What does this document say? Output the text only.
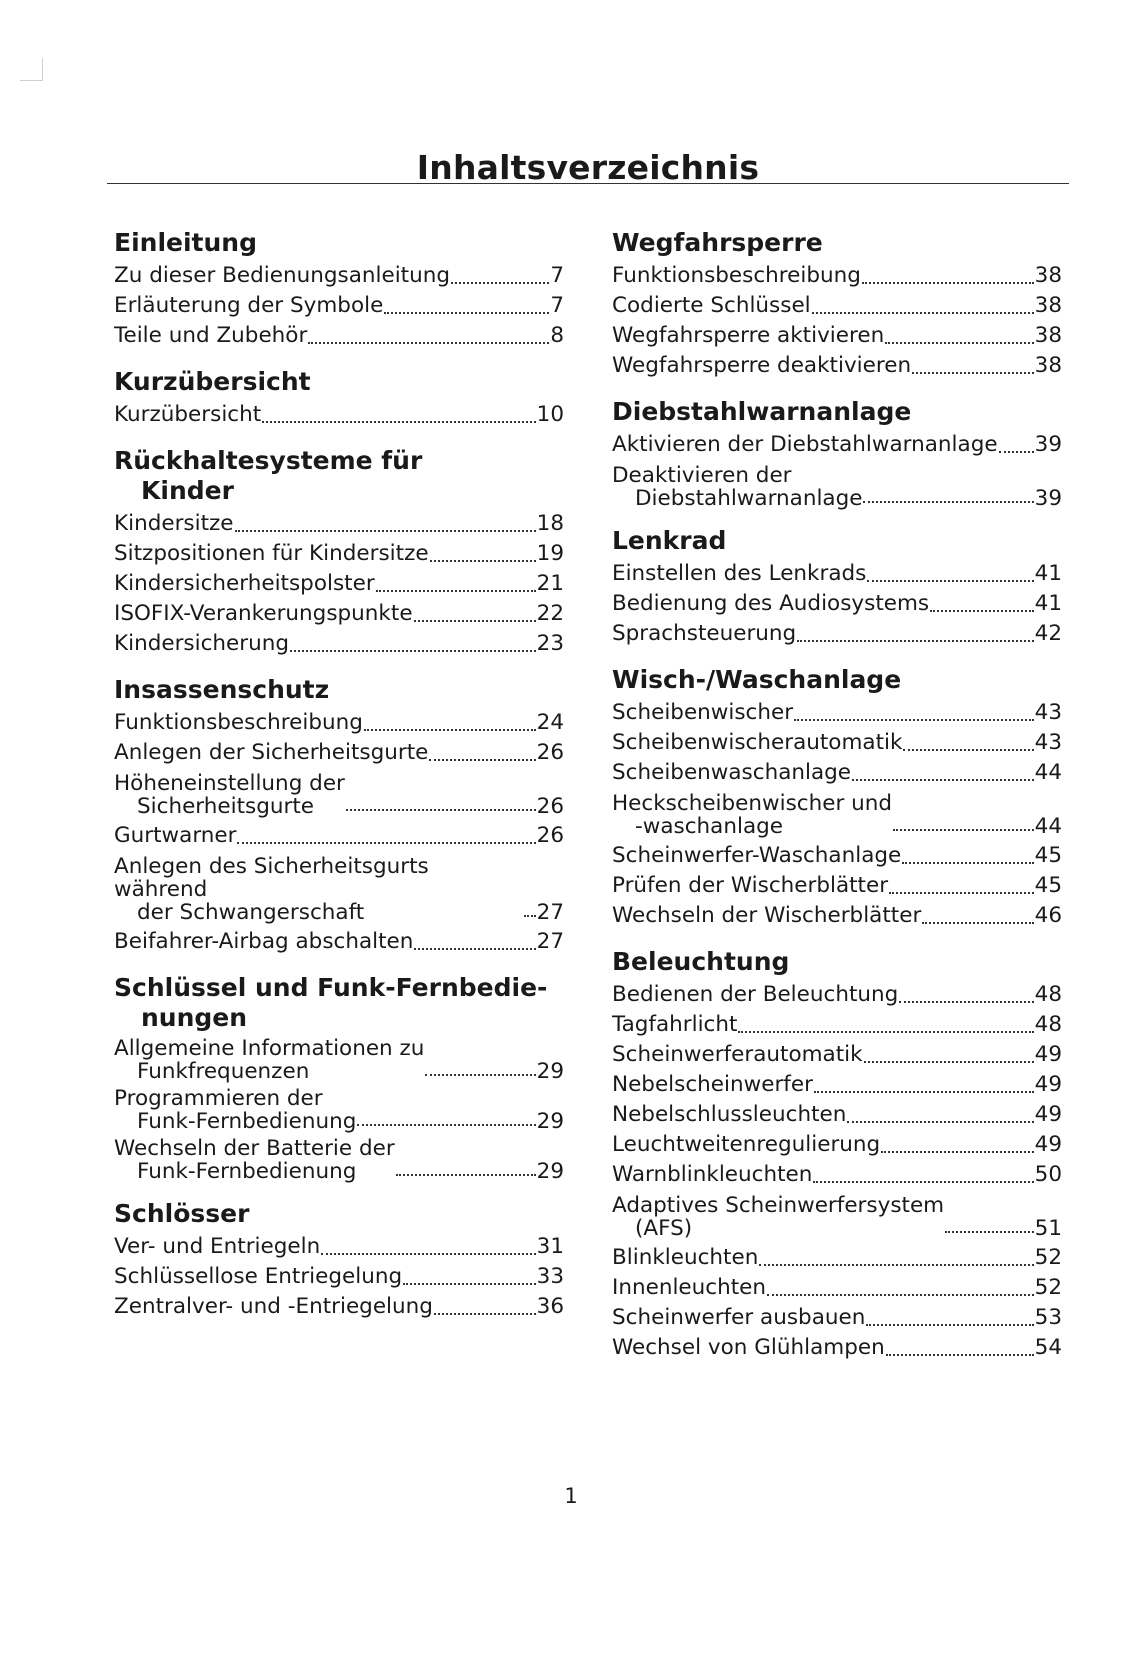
Inhaltsverzeichnis
Einleitung
Zu dieser Bedienungsanleitung	7
Erläuterung der Symbole	7
Teile und Zubehör	8
Kurzübersicht
Kurzübersicht	10
Rückhaltesysteme für
Kinder
Kindersitze	18
Sitzpositionen für Kindersitze	19
Kindersicherheitspolster	21
ISOFIX-Verankerungspunkte	22
Kindersicherung	23
Insassenschutz
Funktionsbeschreibung	24
Anlegen der Sicherheitsgurte	26
Höheneinstellung der
Sicherheitsgurte	26
Gurtwarner	26
Anlegen des Sicherheitsgurts während
der Schwangerschaft	27
Beifahrer-Airbag abschalten	27
Schlüssel und Funk-Fernbedie-
nungen
Allgemeine Informationen zu
Funkfrequenzen	29
Programmieren der
Funk-Fernbedienung	29
Wechseln der Batterie der
Funk-Fernbedienung	29
Schlösser
Ver- und Entriegeln	31
Schlüssellose Entriegelung	33
Zentralver- und -Entriegelung	36
Wegfahrsperre
Funktionsbeschreibung	38
Codierte Schlüssel	38
Wegfahrsperre aktivieren	38
Wegfahrsperre deaktivieren	38
Diebstahlwarnanlage
Aktivieren der Diebstahlwarnanlage 39
Deaktivieren der
Diebstahlwarnanlage	39
Lenkrad
Einstellen des Lenkrads	41
Bedienung des Audiosystems	41
Sprachsteuerung	42
Wisch-/Waschanlage
Scheibenwischer	43
Scheibenwischerautomatik	43
Scheibenwaschanlage	44
Heckscheibenwischer und
-waschanlage	44
Scheinwerfer-Waschanlage	45
Prüfen der Wischerblätter	45
Wechseln der Wischerblätter	46
Beleuchtung
Bedienen der Beleuchtung	48
Tagfahrlicht	48
Scheinwerferautomatik	49
Nebelscheinwerfer	49
Nebelschlussleuchten	49
Leuchtweitenregulierung	49
Warnblinkleuchten	50
Adaptives Scheinwerfersystem
(AFS)	51
Blinkleuchten	52
Innenleuchten	52
Scheinwerfer ausbauen	53
Wechsel von Glühlampen	54
1
